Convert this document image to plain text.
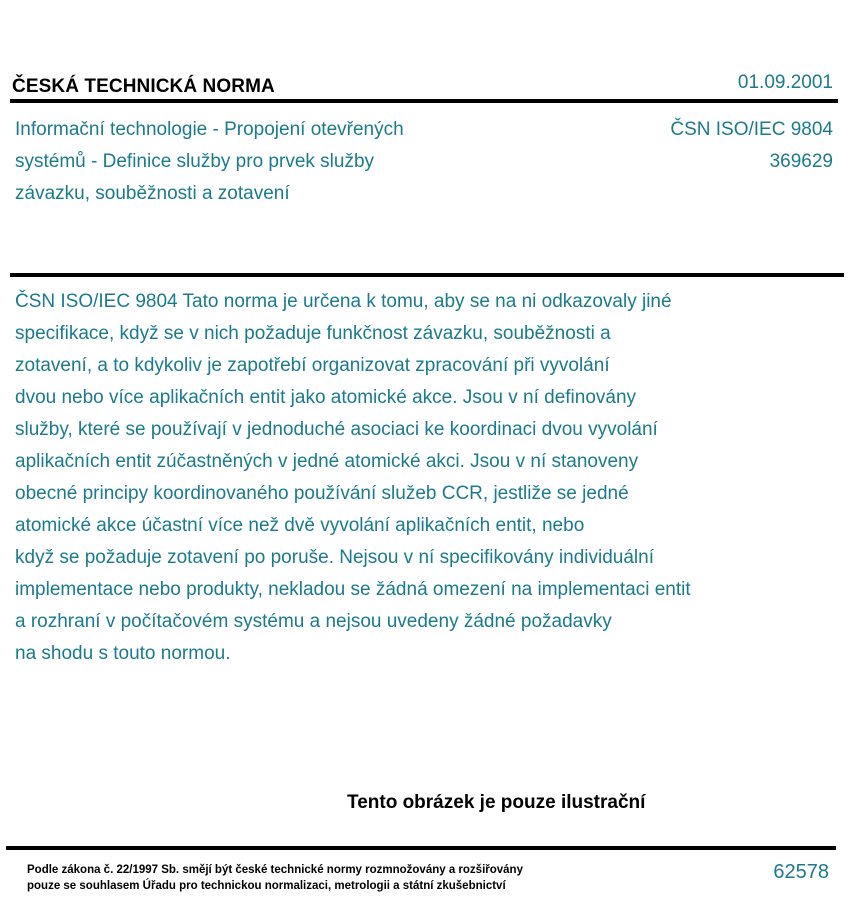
ČESKÁ TECHNICKÁ NORMA	01.09.2001
Informační technologie - Propojení otevřených
systémů - Definice služby pro prvek služby
závazku, souběžnosti a zotavení
ČSN ISO/IEC 9804
369629
ČSN ISO/IEC 9804 Tato norma je určena k tomu, aby se na ni odkazovaly jiné
specifikace, když se v nich požaduje funkčnost závazku, souběžnosti a
zotavení, a to kdykoliv je zapotřebí organizovat zpracování při vyvolání
dvou nebo více aplikačních entit jako atomické akce. Jsou v ní definovány
služby, které se používají v jednoduché asociaci ke koordinaci dvou vyvolání
aplikačních entit zúčastněných v jedné atomické akci. Jsou v ní stanoveny
obecné principy koordinovaného používání služeb CCR, jestliže se jedné
atomické akce účastní více než dvě vyvolání aplikačních entit, nebo
když se požaduje zotavení po poruše. Nejsou v ní specifikovány individuální
implementace nebo produkty, nekladou se žádná omezení na implementaci entit
a rozhraní v počítačovém systému a nejsou uvedeny žádné požadavky
na shodu s touto normou.
Tento obrázek je pouze ilustrační
Podle zákona č. 22/1997 Sb. smějí být české technické normy rozmnožovány a rozšiřovány
pouze se souhlasem Úřadu pro technickou normalizaci, metrologii a státní zkušebnictví
62578
